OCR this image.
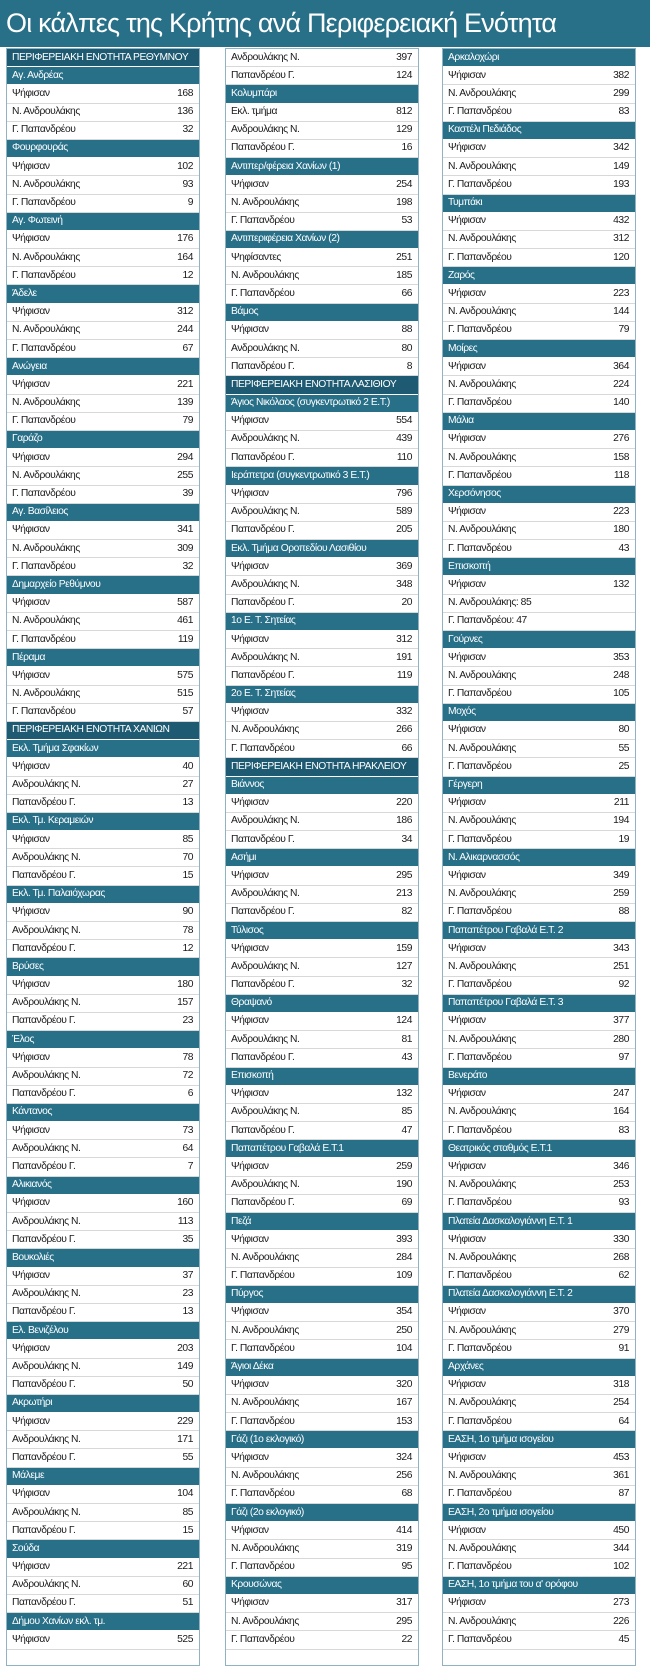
Οι κάλπες της Κρήτης ανά Περιφερειακή Ενότητα
ΠΕΡΙΦΕΡΕΙΑΚΗ ΕΝΟΤΗΤΑ ΡΕΘΥΜΝΟΥ
Αγ. Ανδρέας
Ψήφισαν	168
Ν. Ανδρουλάκης	136
Γ. Παπανδρέου	32
Φουρφουράς
Ψήφισαν	102
Ν. Ανδρουλάκης	93
Γ. Παπανδρέου	9
Αγ. Φωτεινή
Ψήφισαν	176
Ν. Ανδρουλάκης	164
Γ. Παπανδρέου	12
Άδελε
Ψήφισαν	312
Ν. Ανδρουλάκης	244
Γ. Παπανδρέου	67
Ανώγεια
Ψήφισαν	221
Ν. Ανδρουλάκης	139
Γ. Παπανδρέου	79
Γαράζο
Ψήφισαν	294
Ν. Ανδρουλάκης	255
Γ. Παπανδρέου	39
Αγ. Βασίλειος
Ψήφισαν	341
Ν. Ανδρουλάκης	309
Γ. Παπανδρέου	32
Δημαρχείο Ρεθύμνου
Ψήφισαν	587
Ν. Ανδρουλάκης	461
Γ. Παπανδρέου	119
Πέραμα
Ψήφισαν	575
Ν. Ανδρουλάκης	515
Γ. Παπανδρέου	57
ΠΕΡΙΦΕΡΕΙΑΚΗ ΕΝΟΤΗΤΑ ΧΑΝΙΩΝ
Εκλ. Τμήμα Σφακίων
Ψήφισαν	40
Ανδρουλάκης Ν.	27
Παπανδρέου Γ.	13
Εκλ. Τμ. Κεραμειών
Ψήφισαν	85
Ανδρουλάκης Ν.	70
Παπανδρέου Γ.	15
Εκλ. Τμ. Παλαιόχωρας
Ψήφισαν	90
Ανδρουλάκης Ν.	78
Παπανδρέου Γ.	12
Βρύσες
Ψήφισαν	180
Ανδρουλάκης Ν.	157
Παπανδρέου Γ.	23
Έλος
Ψήφισαν	78
Ανδρουλάκης Ν.	72
Παπανδρέου Γ.	6
Κάντανος
Ψήφισαν	73
Ανδρουλάκης Ν.	64
Παπανδρέου Γ.	7
Αλικιανός
Ψήφισαν	160
Ανδρουλάκης Ν.	113
Παπανδρέου Γ.	35
Βουκολιές
Ψήφισαν	37
Ανδρουλάκης Ν.	23
Παπανδρέου Γ.	13
Ελ. Βενιζέλου
Ψήφισαν	203
Ανδρουλάκης Ν.	149
Παπανδρέου Γ.	50
Ακρωτήρι
Ψήφισαν	229
Ανδρουλάκης Ν.	171
Παπανδρέου Γ.	55
Μάλεμε
Ψήφισαν	104
Ανδρουλάκης Ν.	85
Παπανδρέου Γ.	15
Σούδα
Ψήφισαν	221
Ανδρουλάκης Ν.	60
Παπανδρέου Γ.	51
Δήμου Χανίων εκλ. τμ.
Ψήφισαν	525
Ανδρουλάκης Ν.	397
Παπανδρέου Γ.	124
Κολυμπάρι
Εκλ. τμήμα	812
Ανδρουλάκης Ν.	129
Παπανδρέου Γ.	16
Αντιπερ/φέρεια Χανίων (1)
Ψήφισαν	254
Ν. Ανδρουλάκης	198
Γ. Παπανδρέου	53
Αντιπεριφέρεια Χανίων (2)
Ψηφίσαντες	251
Ν. Ανδρουλάκης	185
Γ. Παπανδρέου	66
Βάμος
Ψήφισαν	88
Ανδρουλάκης Ν.	80
Παπανδρέου Γ.	8
ΠΕΡΙΦΕΡΕΙΑΚΗ ΕΝΟΤΗΤΑ ΛΑΣΙΘΙΟΥ
Άγιος Νικόλαος (συγκεντρωτικό 2 Ε.Τ.)
Ψήφισαν	554
Ανδρουλάκης Ν.	439
Παπανδρέου Γ.	110
Ιεράπετρα (συγκεντρωτικό 3 Ε.Τ.)
Ψήφισαν	796
Ανδρουλάκης Ν.	589
Παπανδρέου Γ.	205
Εκλ. Τμήμα Οροπεδίου Λασιθίου
Ψήφισαν	369
Ανδρουλάκης Ν.	348
Παπανδρέου Γ.	20
1ο Ε. Τ. Σητείας
Ψήφισαν	312
Ανδρουλάκης Ν.	191
Παπανδρέου Γ.	119
2ο Ε. Τ. Σητείας
Ψήφισαν	332
Ν. Ανδρουλάκης	266
Γ. Παπανδρέου	66
ΠΕΡΙΦΕΡΕΙΑΚΗ ΕΝΟΤΗΤΑ ΗΡΑΚΛΕΙΟΥ
Βιάννος
Ψήφισαν	220
Ανδρουλάκης Ν.	186
Παπανδρέου Γ.	34
Ασήμι
Ψήφισαν	295
Ανδρουλάκης Ν.	213
Παπανδρέου Γ.	82
Τύλισος
Ψήφισαν	159
Ανδρουλάκης Ν.	127
Παπανδρέου Γ.	32
Θραψανό
Ψήφισαν	124
Ανδρουλάκης Ν.	81
Παπανδρέου Γ.	43
Επισκοπή
Ψήφισαν	132
Ανδρουλάκης Ν.	85
Παπανδρέου Γ.	47
Παπαπέτρου Γαβαλά Ε.Τ.1
Ψήφισαν	259
Ανδρουλάκης Ν.	190
Παπανδρέου Γ.	69
Πεζά
Ψήφισαν	393
Ν. Ανδρουλάκης	284
Γ. Παπανδρέου	109
Πύργος
Ψήφισαν	354
Ν. Ανδρουλάκης	250
Γ. Παπανδρέου	104
Άγιοι Δέκα
Ψήφισαν	320
Ν. Ανδρουλάκης	167
Γ. Παπανδρέου	153
Γάζι (1ο εκλογικό)
Ψήφισαν	324
Ν. Ανδρουλάκης	256
Γ. Παπανδρέου	68
Γάζι (2ο εκλογικό)
Ψήφισαν	414
Ν. Ανδρουλάκης	319
Γ. Παπανδρέου	95
Κρουσώνας
Ψήφισαν	317
Ν. Ανδρουλάκης	295
Γ. Παπανδρέου	22
Αρκαλοχώρι
Ψήφισαν	382
Ν. Ανδρουλάκης	299
Γ. Παπανδρέου	83
Καστέλι Πεδιάδος
Ψήφισαν	342
Ν. Ανδρουλάκης	149
Γ. Παπανδρέου	193
Τυμπάκι
Ψήφισαν	432
Ν. Ανδρουλάκης	312
Γ. Παπανδρέου	120
Ζαρός
Ψήφισαν	223
Ν. Ανδρουλάκης	144
Γ. Παπανδρέου	79
Μοίρες
Ψήφισαν	364
Ν. Ανδρουλάκης	224
Γ. Παπανδρέου	140
Μάλια
Ψήφισαν	276
Ν. Ανδρουλάκης	158
Γ. Παπανδρέου	118
Χερσόνησος
Ψήφισαν	223
Ν. Ανδρουλάκης	180
Γ. Παπανδρέου	43
Επισκοπή
Ψήφισαν	132
Ν. Ανδρουλάκης: 85
Γ. Παπανδρέου: 47
Γούρνες
Ψήφισαν	353
Ν. Ανδρουλάκης	248
Γ. Παπανδρέου	105
Μοχός
Ψήφισαν	80
Ν. Ανδρουλάκης	55
Γ. Παπανδρέου	25
Γέργερη
Ψήφισαν	211
Ν. Ανδρουλάκης	194
Γ. Παπανδρέου	19
Ν. Αλικαρνασσός
Ψήφισαν	349
Ν. Ανδρουλάκης	259
Γ. Παπανδρέου	88
Παπαπέτρου Γαβαλά Ε.Τ. 2
Ψήφισαν	343
Ν. Ανδρουλάκης	251
Γ. Παπανδρέου	92
Παπαπέτρου Γαβαλά Ε.Τ. 3
Ψήφισαν	377
Ν. Ανδρουλάκης	280
Γ. Παπανδρέου	97
Βενεράτο
Ψήφισαν	247
Ν. Ανδρουλάκης	164
Γ. Παπανδρέου	83
Θεατρικός σταθμός Ε.Τ.1
Ψήφισαν	346
Ν. Ανδρουλάκης	253
Γ. Παπανδρέου	93
Πλατεία Δασκαλογιάννη Ε.Τ. 1
Ψήφισαν	330
Ν. Ανδρουλάκης	268
Γ. Παπανδρέου	62
Πλατεία Δασκαλογιάννη Ε.Τ. 2
Ψήφισαν	370
Ν. Ανδρουλάκης	279
Γ. Παπανδρέου	91
Αρχάνες
Ψήφισαν	318
Ν. Ανδρουλάκης	254
Γ. Παπανδρέου	64
ΕΑΣΗ, 1ο τμήμα ισογείου
Ψήφισαν	453
Ν. Ανδρουλάκης	361
Γ. Παπανδρέου	87
ΕΑΣΗ, 2ο τμήμα ισογείου
Ψήφισαν	450
Ν. Ανδρουλάκης	344
Γ. Παπανδρέου	102
ΕΑΣΗ, 1ο τμήμα του α' ορόφου
Ψήφισαν	273
Ν. Ανδρουλάκης	226
Γ. Παπανδρέου	45
